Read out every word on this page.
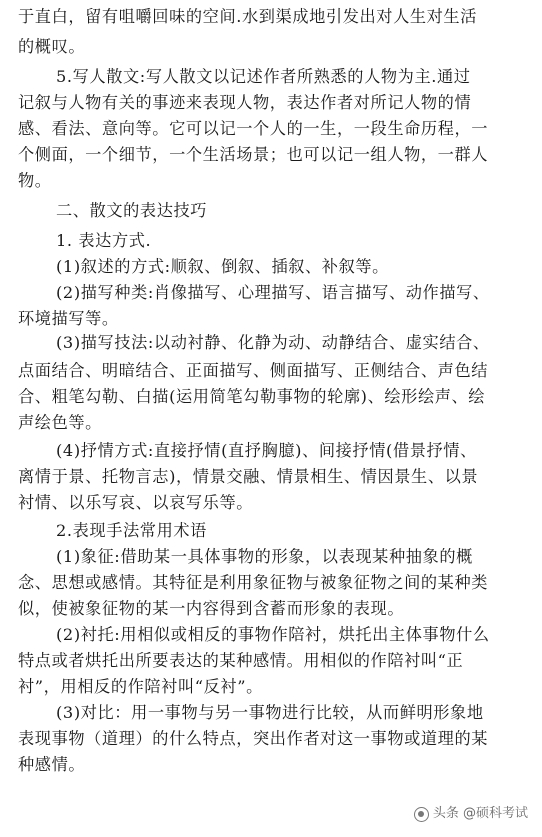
于直白，留有咀嚼回味的空间.水到渠成地引发出对人生对生活
的概叹。
5.写人散文:写人散文以记述作者所熟悉的人物为主.通过
记叙与人物有关的事迹来表现人物，表达作者对所记人物的情
感、看法、意向等。它可以记一个人的一生，一段生命历程，一
个侧面，一个细节，一个生活场景；也可以记一组人物，一群人
物。
二、散文的表达技巧
1. 表达方式.
(1)叙述的方式:顺叙、倒叙、插叙、补叙等。
(2)描写种类:肖像描写、心理描写、语言描写、动作描写、
环境描写等。
(3)描写技法:以动衬静、化静为动、动静结合、虚实结合、
点面结合、明暗结合、正面描写、侧面描写、正侧结合、声色结
合、粗笔勾勒、白描(运用简笔勾勒事物的轮廓)、绘形绘声、绘
声绘色等。
(4)抒情方式:直接抒情(直抒胸臆)、间接抒情(借景抒情、
离情于景、托物言志)，情景交融、情景相生、情因景生、以景
衬情、以乐写哀、以哀写乐等。
2.表现手法常用术语
(1)象征:借助某一具体事物的形象，以表现某种抽象的概
念、思想或感情。其特征是利用象征物与被象征物之间的某种类
似，使被象征物的某一内容得到含蓄而形象的表现。
(2)衬托:用相似或相反的事物作陪衬，烘托出主体事物什么
特点或者烘托出所要表达的某种感情。用相似的作陪衬叫“正
衬”，用相反的作陪衬叫“反衬”。
(3)对比：用一事物与另一事物进行比较，从而鲜明形象地
表现事物（道理）的什么特点，突出作者对这一事物或道理的某
种感情。
头条 @硕科考试
